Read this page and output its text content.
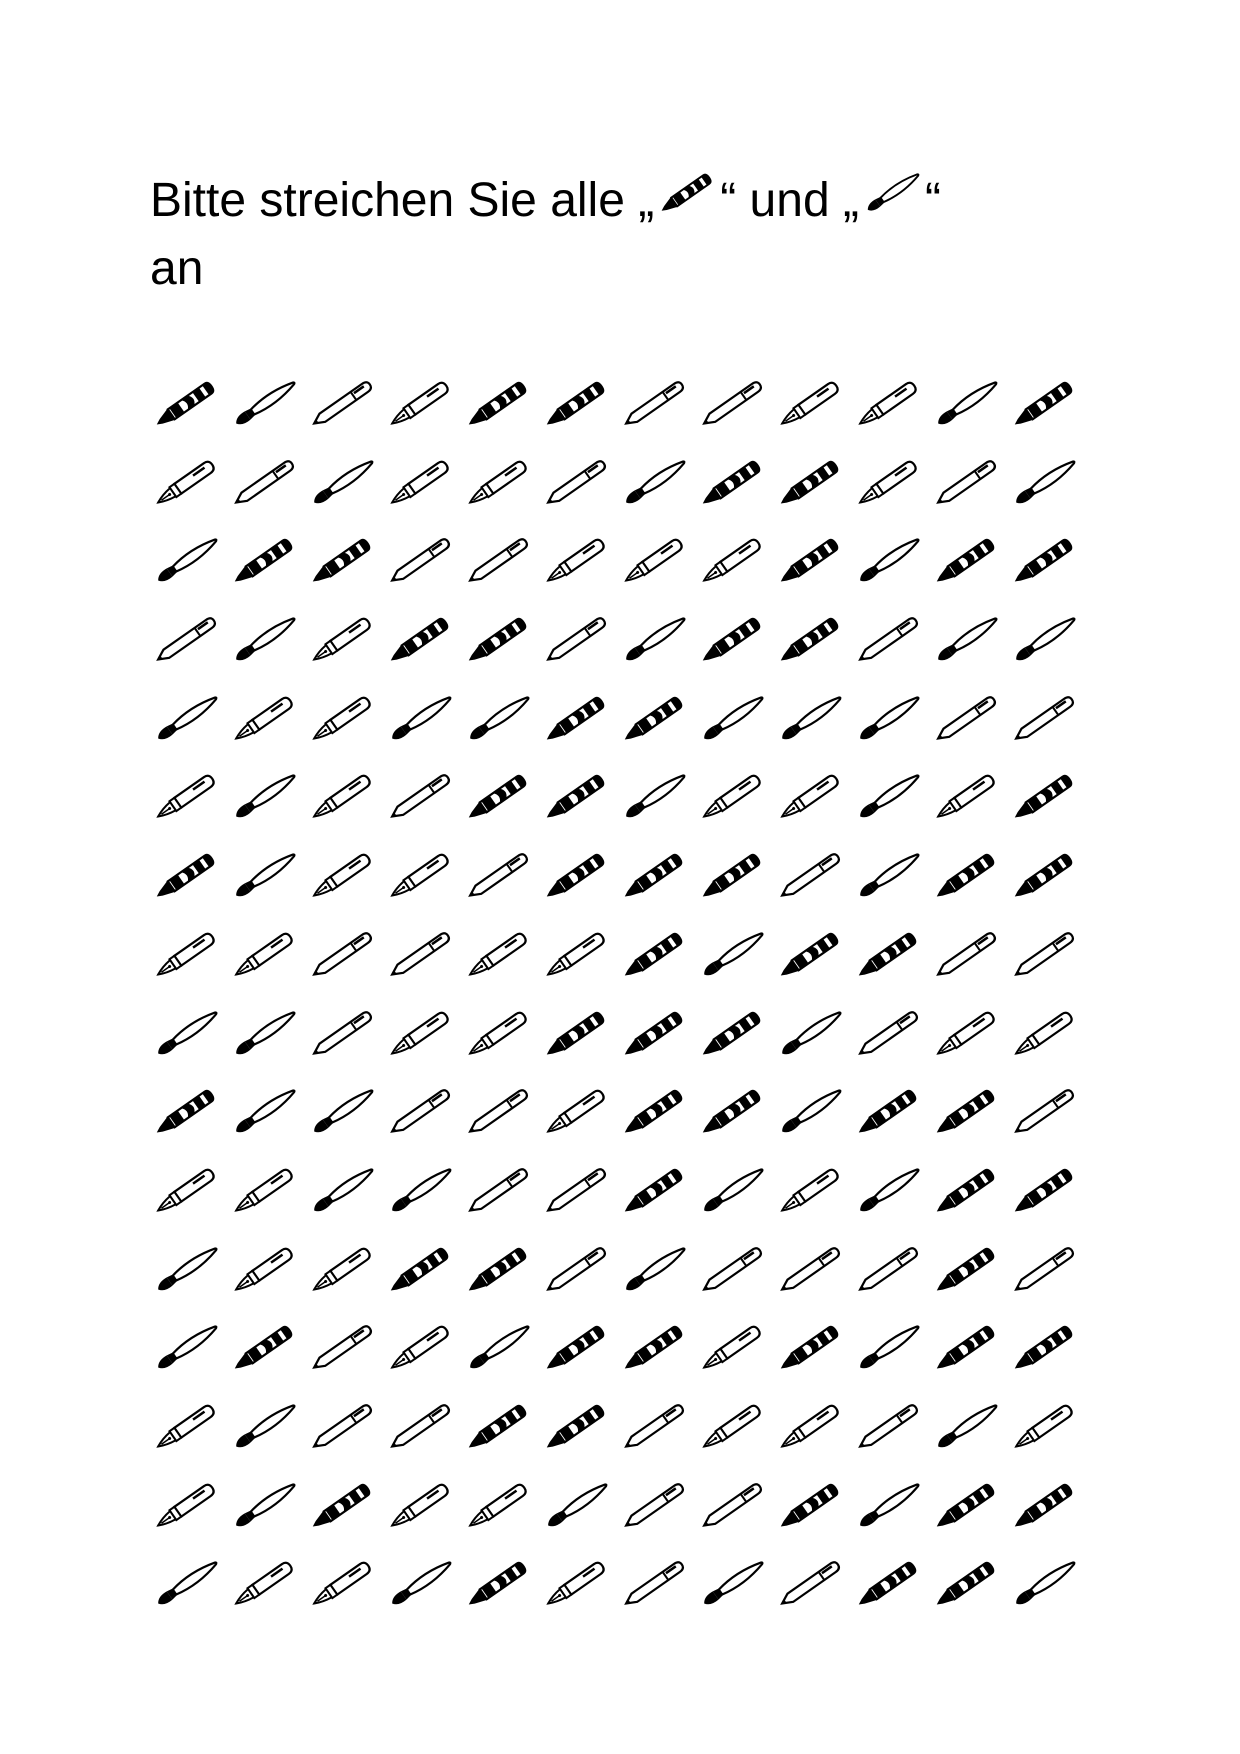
Bitte streichen Sie alle „ “ und „ “
an
